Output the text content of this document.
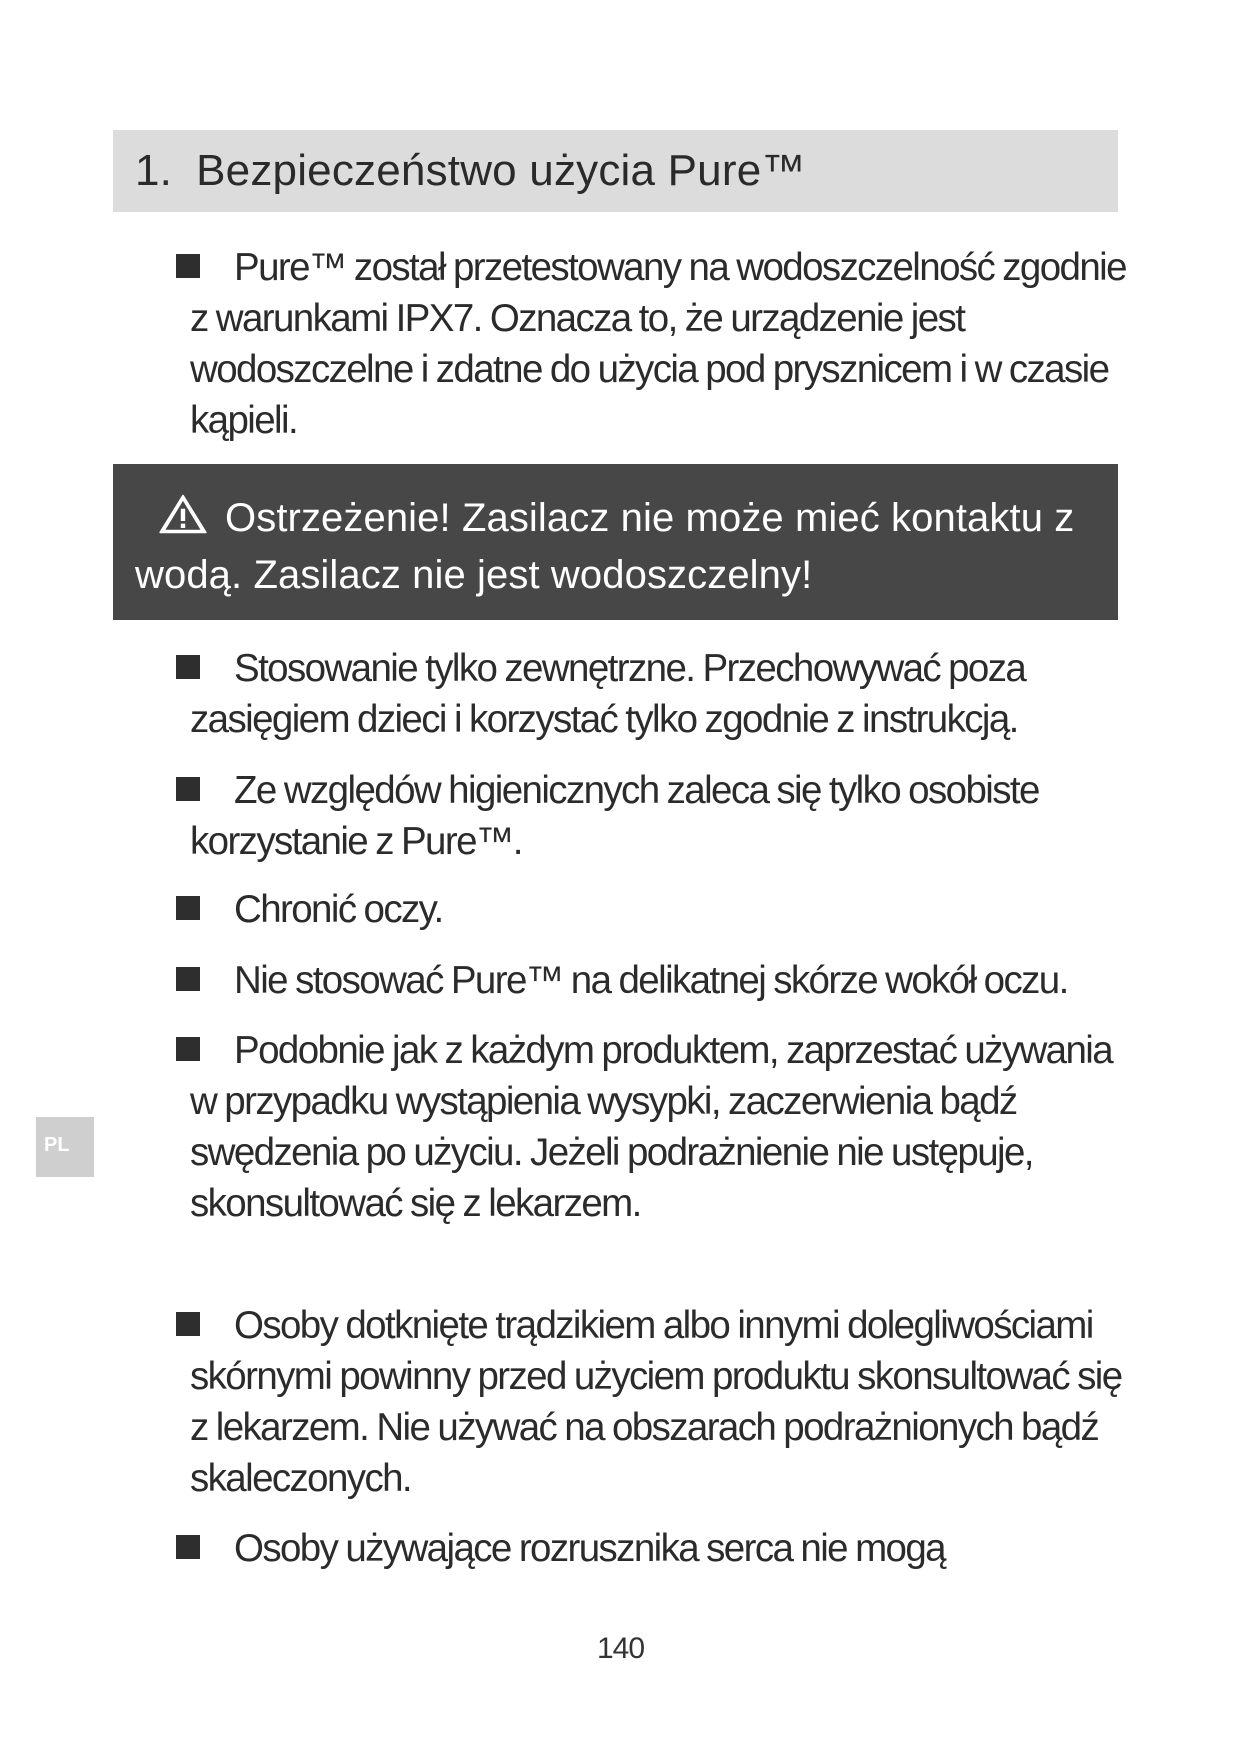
1. Bezpieczeństwo użycia Pure™
Pure™ został przetestowany na wodoszczelność zgodnie z warunkami IPX7. Oznacza to, że urządzenie jest wodoszczelne i zdatne do użycia pod prysznicem i w czasie kąpieli.
Ostrzeżenie! Zasilacz nie może mieć kontaktu z wodą. Zasilacz nie jest wodoszczelny!
Stosowanie tylko zewnętrzne. Przechowywać poza zasięgiem dzieci i korzystać tylko zgodnie z instrukcją.
Ze względów higienicznych zaleca się tylko osobiste korzystanie z Pure™.
Chronić oczy.
Nie stosować Pure™ na delikatnej skórze wokół oczu.
Podobnie jak z każdym produktem, zaprzestać używania w przypadku wystąpienia wysypki, zaczerwienia bądź swędzenia po użyciu. Jeżeli podrażnienie nie ustępuje, skonsultować się z lekarzem.
Osoby dotknięte trądzikiem albo innymi dolegliwościami skórnymi powinny przed użyciem produktu skonsultować się z lekarzem. Nie używać na obszarach podrażnionych bądź skaleczonych.
Osoby używające rozrusznika serca nie mogą
PL
140
